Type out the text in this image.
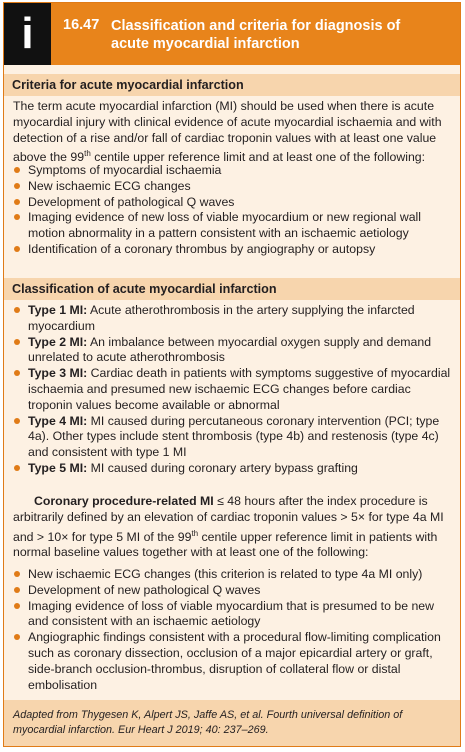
i	16.47 Classification and criteria for diagnosis of acute myocardial infarction
Criteria for acute myocardial infarction
The term acute myocardial infarction (MI) should be used when there is acute myocardial injury with clinical evidence of acute myocardial ischaemia and with detection of a rise and/or fall of cardiac troponin values with at least one value above the 99th centile upper reference limit and at least one of the following:
Symptoms of myocardial ischaemia
New ischaemic ECG changes
Development of pathological Q waves
Imaging evidence of new loss of viable myocardium or new regional wall motion abnormality in a pattern consistent with an ischaemic aetiology
Identification of a coronary thrombus by angiography or autopsy
Classification of acute myocardial infarction
Type 1 MI: Acute atherothrombosis in the artery supplying the infarcted myocardium
Type 2 MI: An imbalance between myocardial oxygen supply and demand unrelated to acute atherothrombosis
Type 3 MI: Cardiac death in patients with symptoms suggestive of myocardial ischaemia and presumed new ischaemic ECG changes before cardiac troponin values become available or abnormal
Type 4 MI: MI caused during percutaneous coronary intervention (PCI; type 4a). Other types include stent thrombosis (type 4b) and restenosis (type 4c) and consistent with type 1 MI
Type 5 MI: MI caused during coronary artery bypass grafting
Coronary procedure-related MI ≤ 48 hours after the index procedure is arbitrarily defined by an elevation of cardiac troponin values > 5× for type 4a MI and > 10× for type 5 MI of the 99th centile upper reference limit in patients with normal baseline values together with at least one of the following:
New ischaemic ECG changes (this criterion is related to type 4a MI only)
Development of new pathological Q waves
Imaging evidence of loss of viable myocardium that is presumed to be new and consistent with an ischaemic aetiology
Angiographic findings consistent with a procedural flow-limiting complication such as coronary dissection, occlusion of a major epicardial artery or graft, side-branch occlusion-thrombus, disruption of collateral flow or distal embolisation
Adapted from Thygesen K, Alpert JS, Jaffe AS, et al. Fourth universal definition of myocardial infarction. Eur Heart J 2019; 40: 237–269.
